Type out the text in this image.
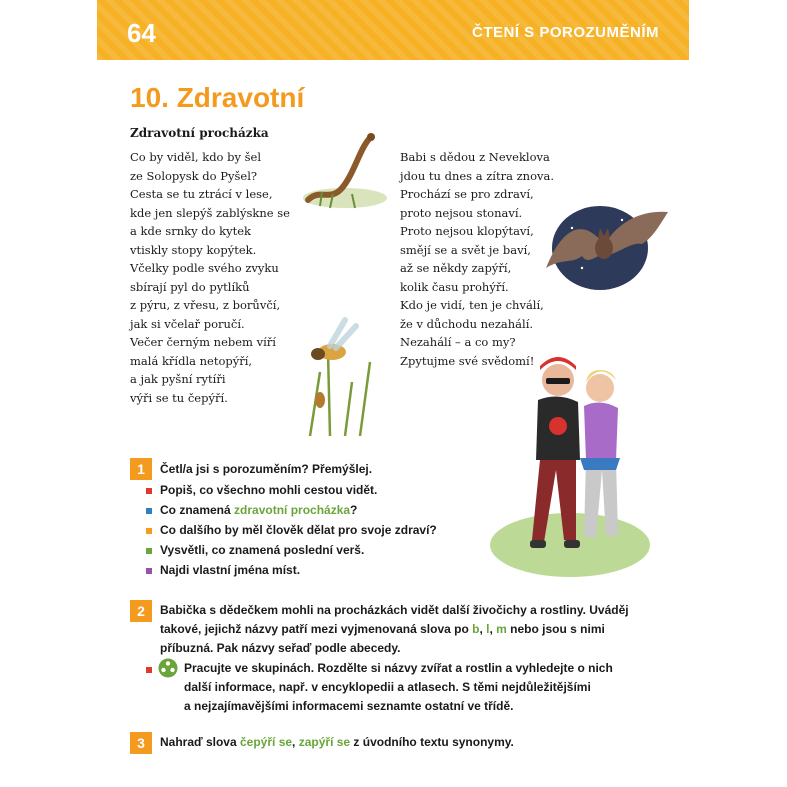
64	ČTENÍ S POROZUMĚNÍM
10. Zdravotní
Zdravotní procházka
Co by viděl, kdo by šel
ze Solopysk do Pyšel?
Cesta se tu ztrácí v lese,
kde jen slepýš zablýskne se
a kde srnky do kytek
vtiskly stopy kopýtek.
Včelky podle svého zvyku
sbírají pyl do pytlíků
z pýru, z vřesu, z borůvčí,
jak si včelař poručí.
Večer černým nebem víří
malá křídla netopýří,
a jak pyšní rytíři
výři se tu čepýří.
Babi s dědou z Neveklova
jdou tu dnes a zítra znova.
Prochází se pro zdraví,
proto nejsou stonaví.
Proto nejsou klopýtaví,
smějí se a svět je baví,
až se někdy zapýří,
kolik času prohýří.
Kdo je vidí, ten je chválí,
že v důchodu nezahálí.
Nezahálí – a co my?
Zpytujme své svědomí!
1	Četl/a jsi s porozuměním? Přemýšlej.
Popiš, co všechno mohli cestou vidět.
Co znamená zdravotní procházka?
Co dalšího by měl člověk dělat pro svoje zdraví?
Vysvětli, co znamená poslední verš.
Najdi vlastní jména míst.
2	Babička s dědečkem mohli na procházkách vidět další živočichy a rostliny. Uváděj
takové, jejichž názvy patří mezi vyjmenovaná slova po b, l, m nebo jsou s nimi
příbuzná. Pak názvy seřaď podle abecedy.
Pracujte ve skupinách. Rozdělte si názvy zvířat a rostlin a vyhledejte o nich
další informace, např. v encyklopedii a atlasech. S těmi nejdůležitějšími
a nejzajímavějšími informacemi seznamte ostatní ve třídě.
3	Nahraď slova čepýří se, zapýří se z úvodního textu synonymy.
